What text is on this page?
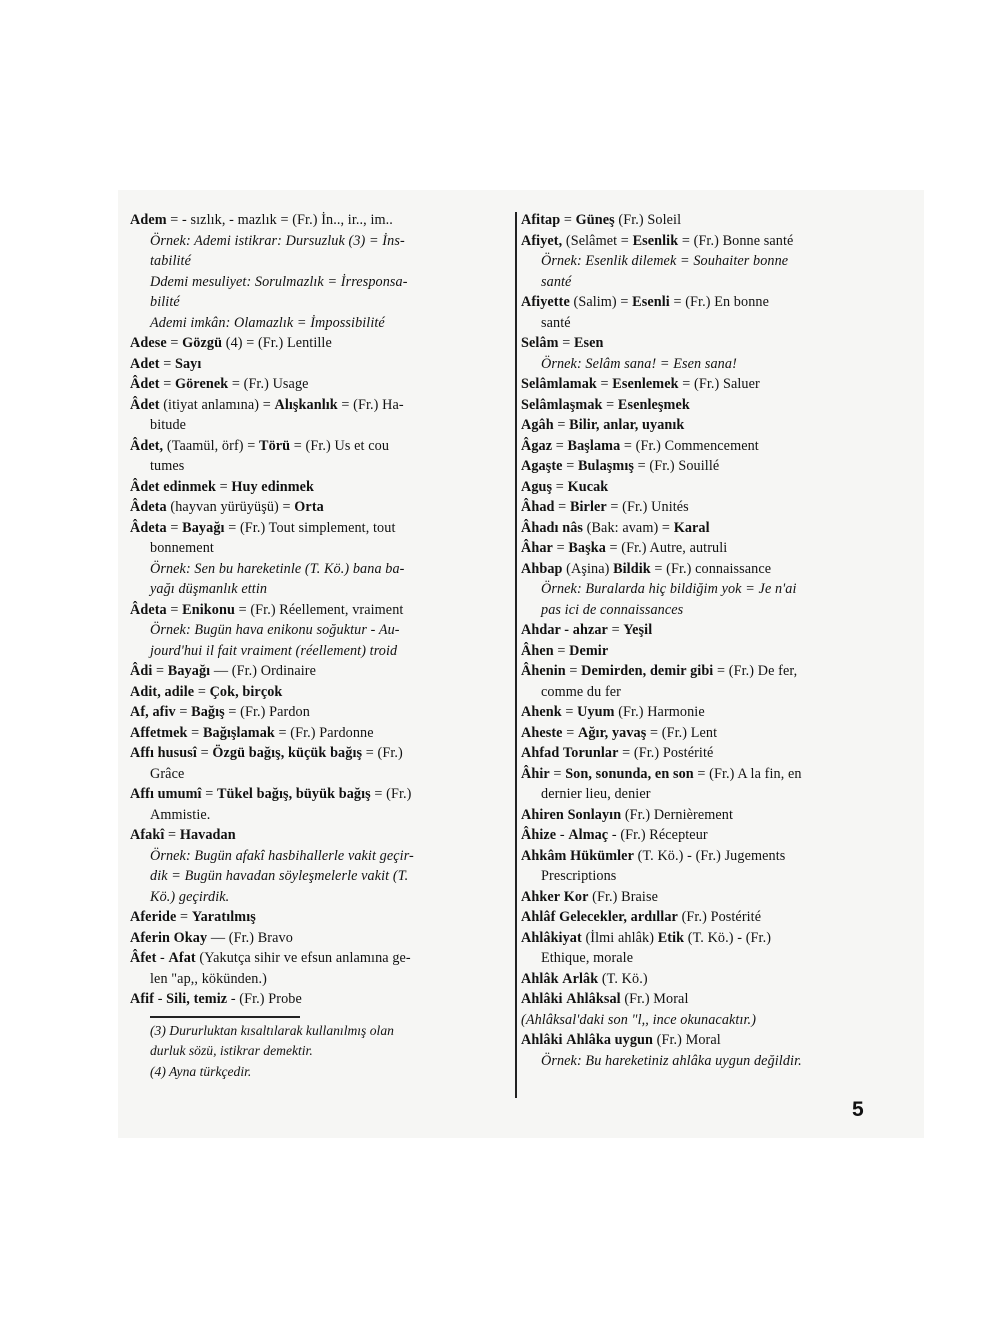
Adem = - sızlık, - mazlık = (Fr.) İn.., ir.., im..
Örnek: Ademi istikrar: Dursuzluk (3) = İns-
tabilité
Ddemi mesuliyet: Sorulmazlık = İrresponsa-
bilité
Ademi imkân: Olamazlık = İmpossibilité
Adese = Gözgü (4) = (Fr.) Lentille
Adet = Sayı
Âdet = Görenek = (Fr.) Usage
Âdet (itiyat anlamına) = Alışkanlık = (Fr.) Ha-
bitude
Âdet, (Taamül, örf) = Törü = (Fr.) Us et cou
tumes
Âdet edinmek = Huy edinmek
Âdeta (hayvan yürüyüşü) = Orta
Âdeta = Bayağı = (Fr.) Tout simplement, tout
bonnement
Örnek: Sen bu hareketinle (T. Kö.) bana ba-
yağı düşmanlık ettin
Âdeta = Enikonu = (Fr.) Réellement, vraiment
Örnek: Bugün hava enikonu soğuktur - Au-
jourd'hui il fait vraiment (réellement) troid
Âdi = Bayağı — (Fr.) Ordinaire
Adit, adile = Çok, birçok
Af, afiv = Bağış = (Fr.) Pardon
Affetmek = Bağışlamak = (Fr.) Pardonne
Affı hususî = Özgü bağış, küçük bağış = (Fr.)
Grâce
Affı umumî = Tükel bağış, büyük bağış = (Fr.)
Ammistie.
Afakî = Havadan
Örnek: Bugün afakî hasbihallerle vakit geçir-
dik = Bugün havadan söyleşmelerle vakit (T.
Kö.) geçirdik.
Aferide = Yaratılmış
Aferin Okay — (Fr.) Bravo
Âfet - Afat (Yakutça sihir ve efsun anlamına ge-
len "ap,, kökünden.)
Afif - Sili, temiz - (Fr.) Probe
(3) Dururluktan kısaltılarak kullanılmış olan
durluk sözü, istikrar demektir.
(4) Ayna türkçedir.
Afitap = Güneş (Fr.) Soleil
Afiyet, (Selâmet = Esenlik = (Fr.) Bonne santé
Örnek: Esenlik dilemek = Souhaiter bonne
santé
Afiyette (Salim) = Esenli = (Fr.) En bonne
santé
Selâm = Esen
Örnek: Selâm sana! = Esen sana!
Selâmlamak = Esenlemek = (Fr.) Saluer
Selâmlaşmak = Esenleşmek
Agâh = Bilir, anlar, uyanık
Âgaz = Başlama = (Fr.) Commencement
Agaşte = Bulaşmış = (Fr.) Souillé
Aguş = Kucak
Âhad = Birler = (Fr.) Unités
Âhadı nâs (Bak: avam) = Karal
Âhar = Başka = (Fr.) Autre, autruli
Ahbap (Aşina) Bildik = (Fr.) connaissance
Örnek: Buralarda hiç bildiğim yok = Je n'ai
pas ici de connaissances
Ahdar - ahzar = Yeşil
Âhen = Demir
Âhenin = Demirden, demir gibi = (Fr.) De fer,
comme du fer
Ahenk = Uyum (Fr.) Harmonie
Aheste = Ağır, yavaş = (Fr.) Lent
Ahfad Torunlar = (Fr.) Postérité
Âhir = Son, sonunda, en son = (Fr.) A la fin, en
dernier lieu, denier
Ahiren Sonlayın (Fr.) Dernièrement
Âhize - Almaç - (Fr.) Récepteur
Ahkâm Hükümler (T. Kö.) - (Fr.) Jugements
Prescriptions
Ahker Kor (Fr.) Braise
Ahlâf Gelecekler, ardıllar (Fr.) Postérité
Ahlâkiyat (İlmi ahlâk) Etik (T. Kö.) - (Fr.)
Ethique, morale
Ahlâk Arlâk (T. Kö.)
Ahlâki Ahlâksal (Fr.) Moral
(Ahlâksal'daki son "l,, ince okunacaktır.)
Ahlâki Ahlâka uygun (Fr.) Moral
Örnek: Bu hareketiniz ahlâka uygun değildir.
5
